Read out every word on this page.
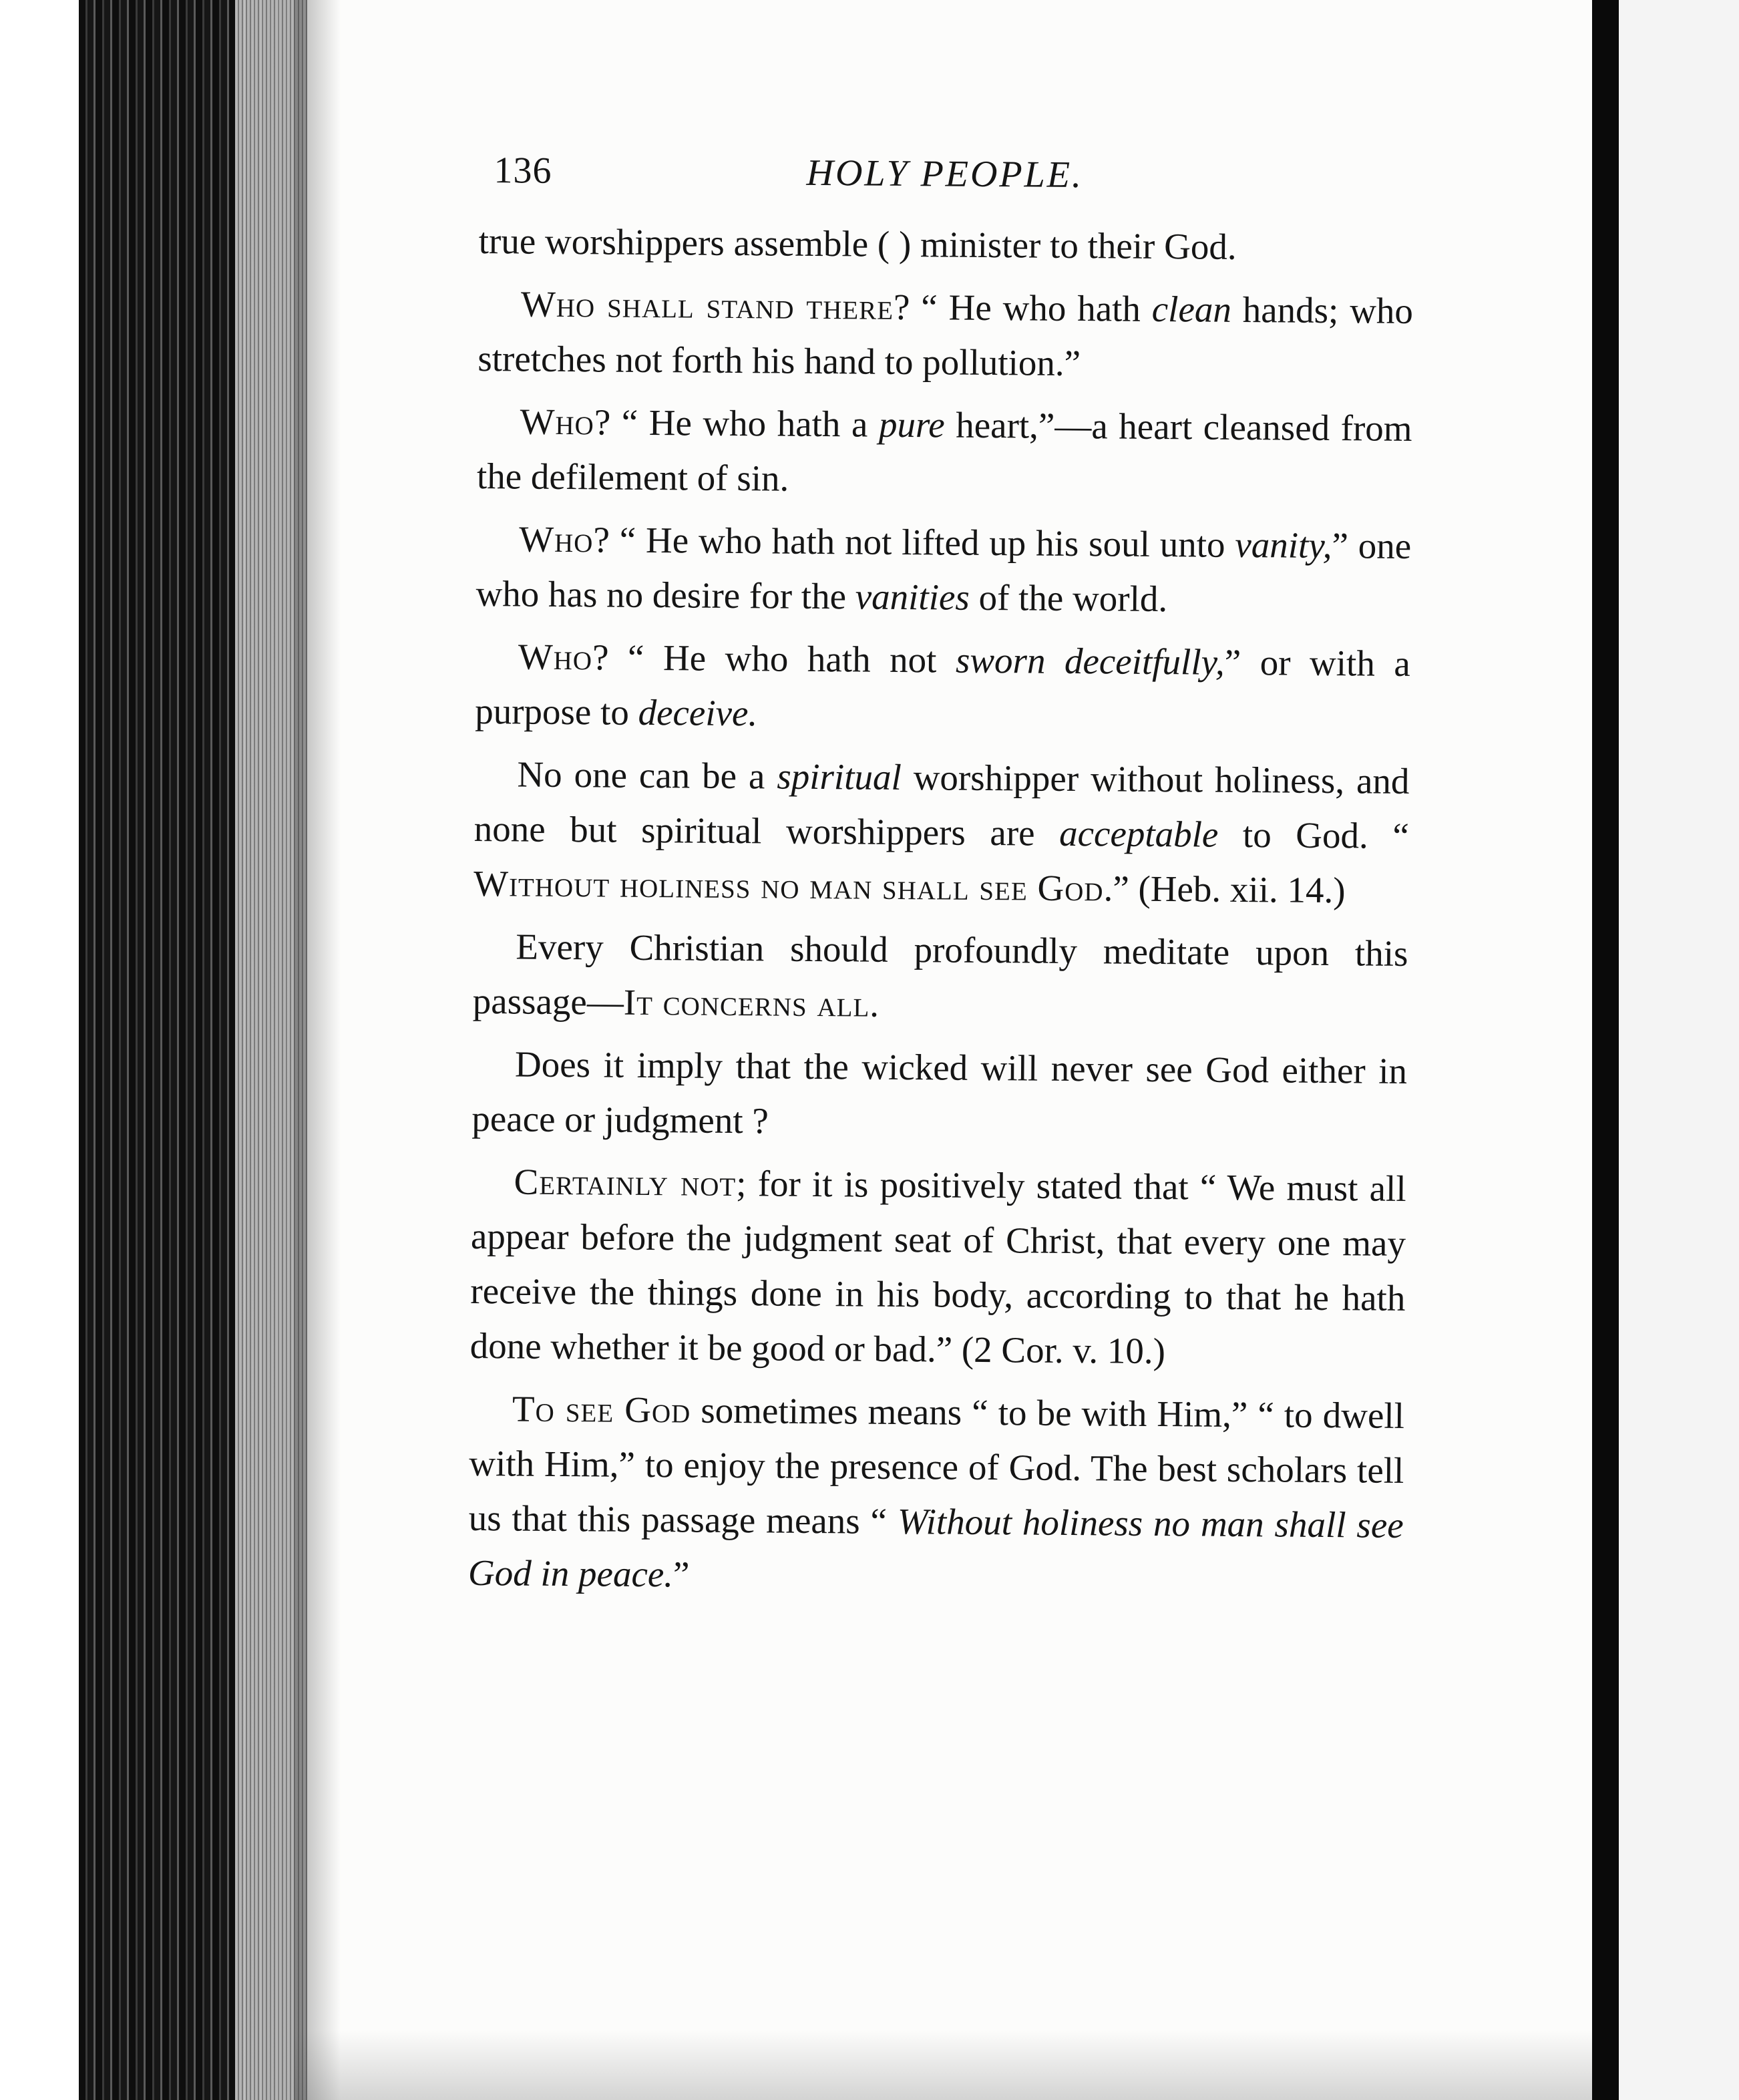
136	HOLY PEOPLE.

true worshippers assemble ( ) minister to their God.

Who shall stand there? “ He who hath clean hands; who stretches not forth his hand to pollution.”

Who? “ He who hath a pure heart,”—a heart cleansed from the defilement of sin.

Who? “ He who hath not lifted up his soul unto vanity,” one who has no desire for the vanities of the world.

Who? “ He who hath not sworn deceitfully,” or with a purpose to deceive.

No one can be a spiritual worshipper without holiness, and none but spiritual worshippers are acceptable to God. “ Without holiness no man shall see God.” (Heb. xii. 14.)

Every Christian should profoundly meditate upon this passage—It concerns all.

Does it imply that the wicked will never see God either in peace or judgment ?

Certainly not; for it is positively stated that “ We must all appear before the judgment seat of Christ, that every one may receive the things done in his body, according to that he hath done whether it be good or bad.” (2 Cor. v. 10.)

To see God sometimes means “ to be with Him,” “ to dwell with Him,” to enjoy the presence of God. The best scholars tell us that this passage means “ Without holiness no man shall see God in peace.”
